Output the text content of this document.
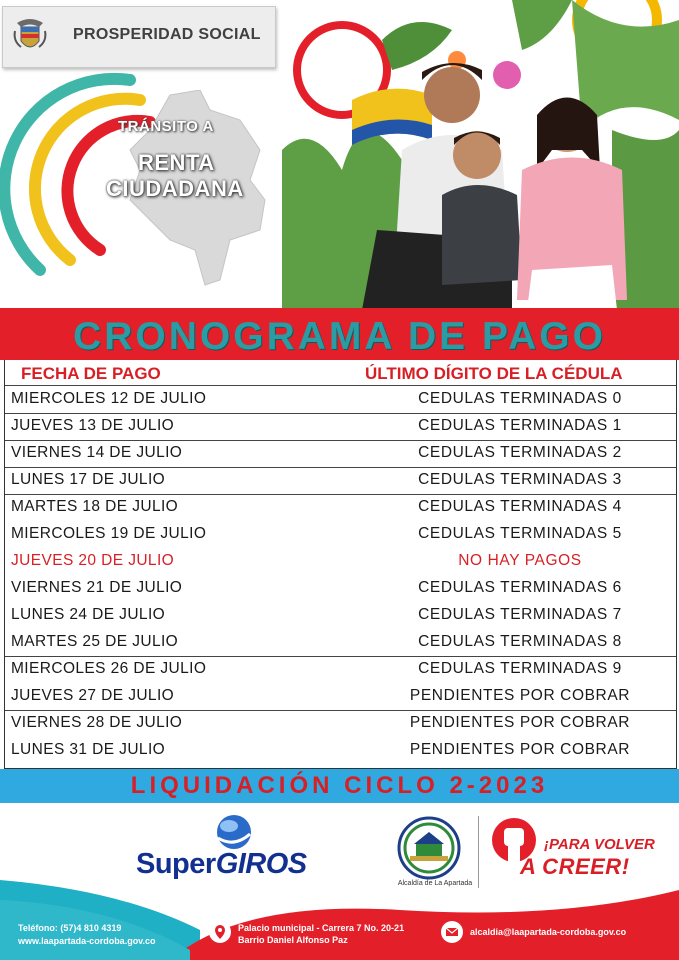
PROSPERIDAD SOCIAL
TRÁNSITO A
RENTA
CIUDADANA
CRONOGRAMA DE PAGO
FECHA DE PAGO	ÚLTIMO DÍGITO DE LA CÉDULA
MIERCOLES 12 DE JULIO	CEDULAS TERMINADAS 0
JUEVES 13 DE JULIO	CEDULAS TERMINADAS 1
VIERNES 14 DE JULIO	CEDULAS TERMINADAS 2
LUNES 17 DE JULIO	CEDULAS TERMINADAS 3
MARTES 18 DE JULIO	CEDULAS TERMINADAS 4
MIERCOLES 19 DE JULIO	CEDULAS TERMINADAS 5
JUEVES 20 DE JULIO	NO HAY PAGOS
VIERNES 21 DE JULIO	CEDULAS TERMINADAS 6
LUNES 24 DE JULIO	CEDULAS TERMINADAS 7
MARTES 25 DE JULIO	CEDULAS TERMINADAS 8
MIERCOLES 26 DE JULIO	CEDULAS TERMINADAS 9
JUEVES 27 DE JULIO	PENDIENTES POR COBRAR
VIERNES 28 DE JULIO	PENDIENTES POR COBRAR
LUNES 31 DE JULIO	PENDIENTES POR COBRAR
LIQUIDACIÓN CICLO 2-2023
SuperGIROS
Alcaldía de La Apartada
¡PARA VOLVER
A CREER!
Teléfono: (57)4 810 4319
www.laapartada-cordoba.gov.co
Palacio municipal - Carrera 7 No. 20-21
Barrio Daniel Alfonso Paz
alcaldia@laapartada-cordoba.gov.co
